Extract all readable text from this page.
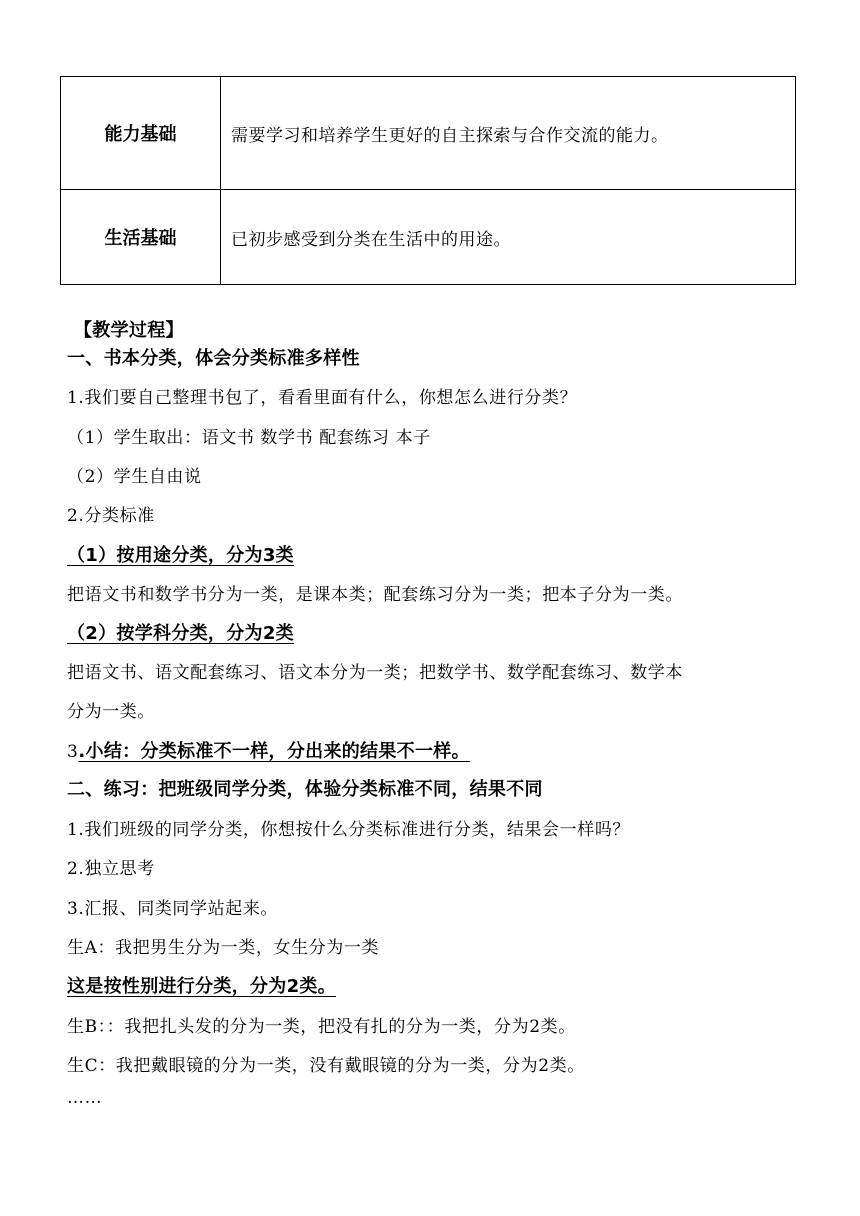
能力基础	需要学习和培养学生更好的自主探索与合作交流的能力。
生活基础	已初步感受到分类在生活中的用途。
【教学过程】
一、书本分类，体会分类标准多样性
1.我们要自己整理书包了，看看里面有什么，你想怎么进行分类？
（1）学生取出：语文书 数学书 配套练习 本子
（2）学生自由说
2.分类标准
（1）按用途分类，分为3类
把语文书和数学书分为一类，是课本类；配套练习分为一类；把本子分为一类。
（2）按学科分类，分为2类
把语文书、语文配套练习、语文本分为一类；把数学书、数学配套练习、数学本
分为一类。
3.小结：分类标准不一样，分出来的结果不一样。
二、练习：把班级同学分类，体验分类标准不同，结果不同
1.我们班级的同学分类，你想按什么分类标准进行分类，结果会一样吗？
2.独立思考
3.汇报、同类同学站起来。
生A：我把男生分为一类，女生分为一类
这是按性别进行分类，分为2类。
生B：：我把扎头发的分为一类，把没有扎的分为一类，分为2类。
生C：我把戴眼镜的分为一类，没有戴眼镜的分为一类，分为2类。
……
